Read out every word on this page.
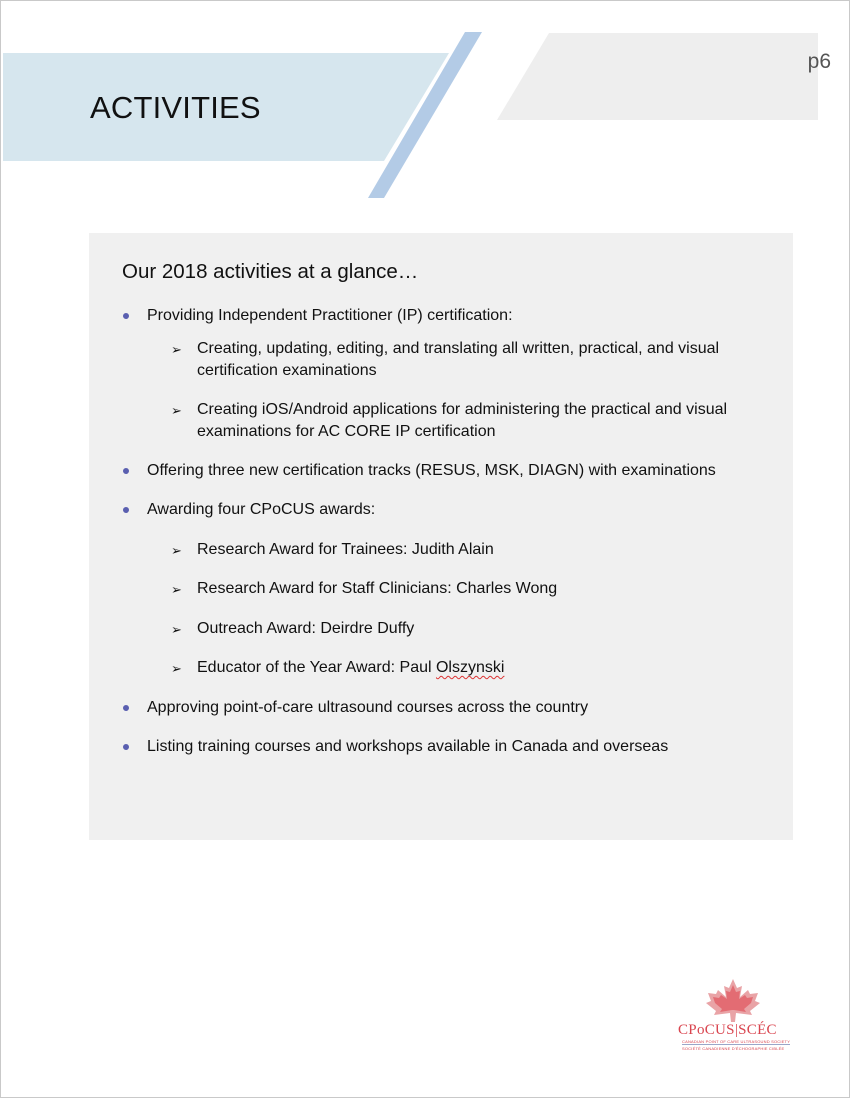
ACTIVITIES
p6
Our 2018 activities at a glance…
Providing Independent Practitioner (IP) certification:
➢ Creating, updating, editing, and translating all written, practical, and visual certification examinations
➢ Creating iOS/Android applications for administering the practical and visual examinations for AC CORE IP certification
Offering three new certification tracks (RESUS, MSK, DIAGN) with examinations
Awarding four CPoCUS awards:
➢ Research Award for Trainees: Judith Alain
➢ Research Award for Staff Clinicians: Charles Wong
➢ Outreach Award: Deirdre Duffy
➢ Educator of the Year Award: Paul Olszynski
Approving point-of-care ultrasound courses across the country
Listing training courses and workshops available in Canada and overseas
CPoCUS|SCÉC
CANADIAN POINT OF CARE ULTRASOUND SOCIETY
SOCIÉTÉ CANADIENNE D'ÉCHOGRAPHIE CIBLÉE
